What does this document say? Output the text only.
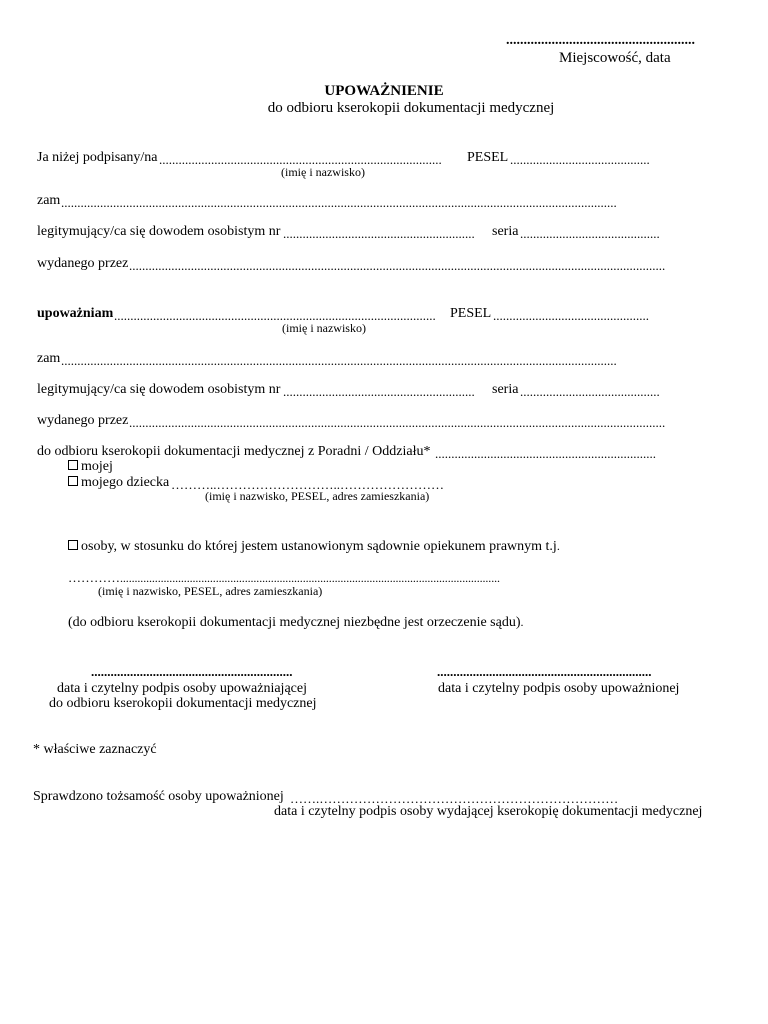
......................................................
Miejscowość, data
UPOWAŻNIENIE
do odbioru kserokopii dokumentacji medycznej
Ja niżej podpisany/na .......................................................................................	PESEL ...........................................
(imię i nazwisko)
zam ...........................................................................................................................................................................
legitymujący/ca się dowodem osobistym nr ...........................................................	seria ...........................................
wydanego przez .....................................................................................................................................................................
upoważniam ...................................................................................................	PESEL ................................................
(imię i nazwisko)
zam ...........................................................................................................................................................................
legitymujący/ca się dowodem osobistym nr ...........................................................	seria ...........................................
wydanego przez .....................................................................................................................................................................
do odbioru kserokopii dokumentacji medycznej z Poradni / Oddziału* ....................................................................
mojej
mojego dziecka ………..………………………..……………………
(imię i nazwisko, PESEL, adres zamieszkania)
osoby, w stosunku do której jestem ustanowionym sądownie opiekunem prawnym t.j.
…………...................................................................................................................................
(imię i nazwisko, PESEL, adres zamieszkania)
(do odbioru kserokopii dokumentacji medycznej niezbędne jest orzeczenie sądu).
..............................................................
data i czytelny podpis osoby upoważniającej
do odbioru kserokopii dokumentacji medycznej
..................................................................
data i czytelny podpis osoby upoważnionej
* właściwe zaznaczyć
Sprawdzono tożsamość osoby upoważnionej …….……………………………………………………………
data i czytelny podpis osoby wydającej kserokopię dokumentacji medycznej
